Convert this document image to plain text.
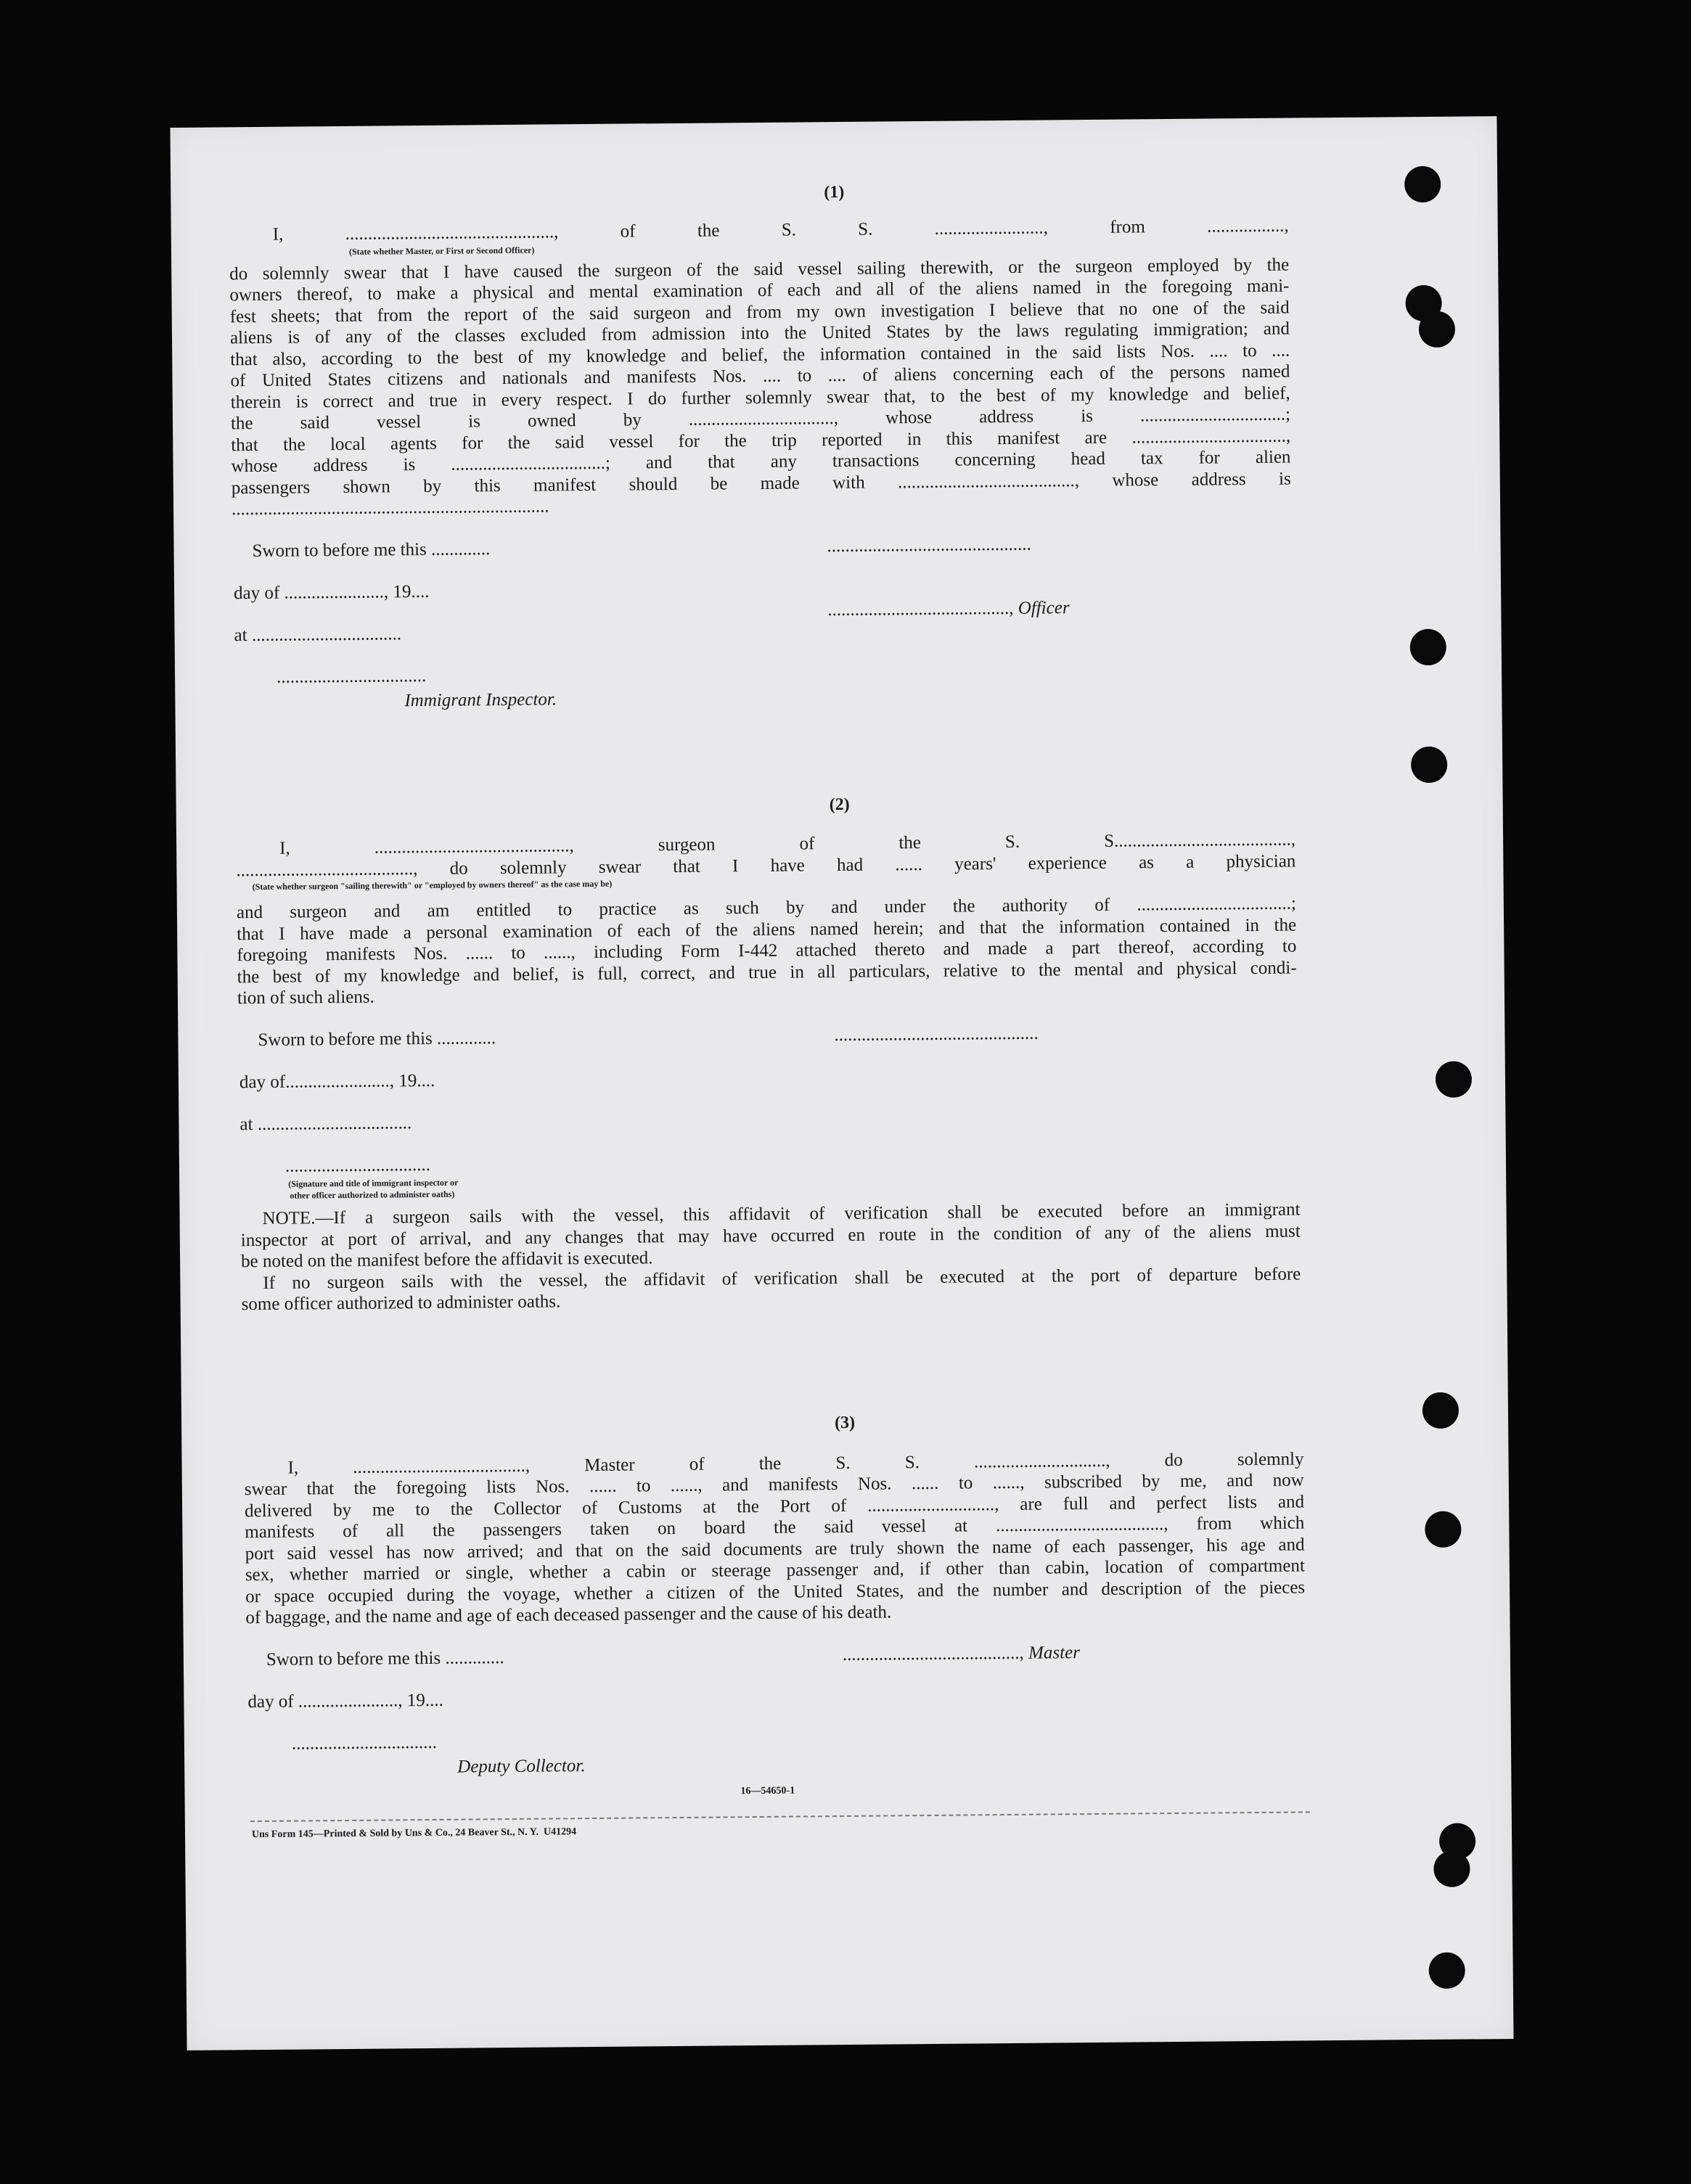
(1)
I, .............................................., of the S. S. ........................, from .................,
(State whether Master, or First or Second Officer)
do solemnly swear that I have caused the surgeon of the said vessel sailing therewith, or the surgeon employed by the
owners thereof, to make a physical and mental examination of each and all of the aliens named in the foregoing mani-
fest sheets; that from the report of the said surgeon and from my own investigation I believe that no one of the said
aliens is of any of the classes excluded from admission into the United States by the laws regulating immigration; and
that also, according to the best of my knowledge and belief, the information contained in the said lists Nos. .... to ....
of United States citizens and nationals and manifests Nos. .... to .... of aliens concerning each of the persons named
therein is correct and true in every respect. I do further solemnly swear that, to the best of my knowledge and belief,
the said vessel is owned by ................................, whose address is ................................;
that the local agents for the said vessel for the trip reported in this manifest are ..................................,
whose address is ..................................; and that any transactions concerning head tax for alien
passengers shown by this manifest should be made with ......................................., whose address is
......................................................................
Sworn to before me this .............	.............................................
day of ......................, 19....
........................................, Officer
at .................................
.................................
Immigrant Inspector.
(2)
I, ..........................................., surgeon of the S. S.......................................,
......................................., do solemnly swear that I have had ...... years' experience as a physician
(State whether surgeon "sailing therewith" or "employed by owners thereof" as the case may be)
and surgeon and am entitled to practice as such by and under the authority of ..................................;
that I have made a personal examination of each of the aliens named herein; and that the information contained in the
foregoing manifests Nos. ...... to ......, including Form I-442 attached thereto and made a part thereof, according to
the best of my knowledge and belief, is full, correct, and true in all particulars, relative to the mental and physical condi-
tion of such aliens.
Sworn to before me this .............	.............................................
day of......................., 19....
at ..................................
................................
(Signature and title of immigrant inspector or
other officer authorized to administer oaths)
NOTE.—If a surgeon sails with the vessel, this affidavit of verification shall be executed before an immigrant
inspector at port of arrival, and any changes that may have occurred en route in the condition of any of the aliens must
be noted on the manifest before the affidavit is executed.
If no surgeon sails with the vessel, the affidavit of verification shall be executed at the port of departure before
some officer authorized to administer oaths.
(3)
I, ......................................, Master of the S. S. ............................., do solemnly
swear that the foregoing lists Nos. ...... to ......, and manifests Nos. ...... to ......, subscribed by me, and now
delivered by me to the Collector of Customs at the Port of ............................, are full and perfect lists and
manifests of all the passengers taken on board the said vessel at ....................................., from which
port said vessel has now arrived; and that on the said documents are truly shown the name of each passenger, his age and
sex, whether married or single, whether a cabin or steerage passenger and, if other than cabin, location of compartment
or space occupied during the voyage, whether a citizen of the United States, and the number and description of the pieces
of baggage, and the name and age of each deceased passenger and the cause of his death.
Sworn to before me this .............	......................................., Master
day of ......................, 19....
................................
Deputy Collector.
16—54650-1
Uns Form 145—Printed & Sold by Uns & Co., 24 Beaver St., N. Y.  U41294
